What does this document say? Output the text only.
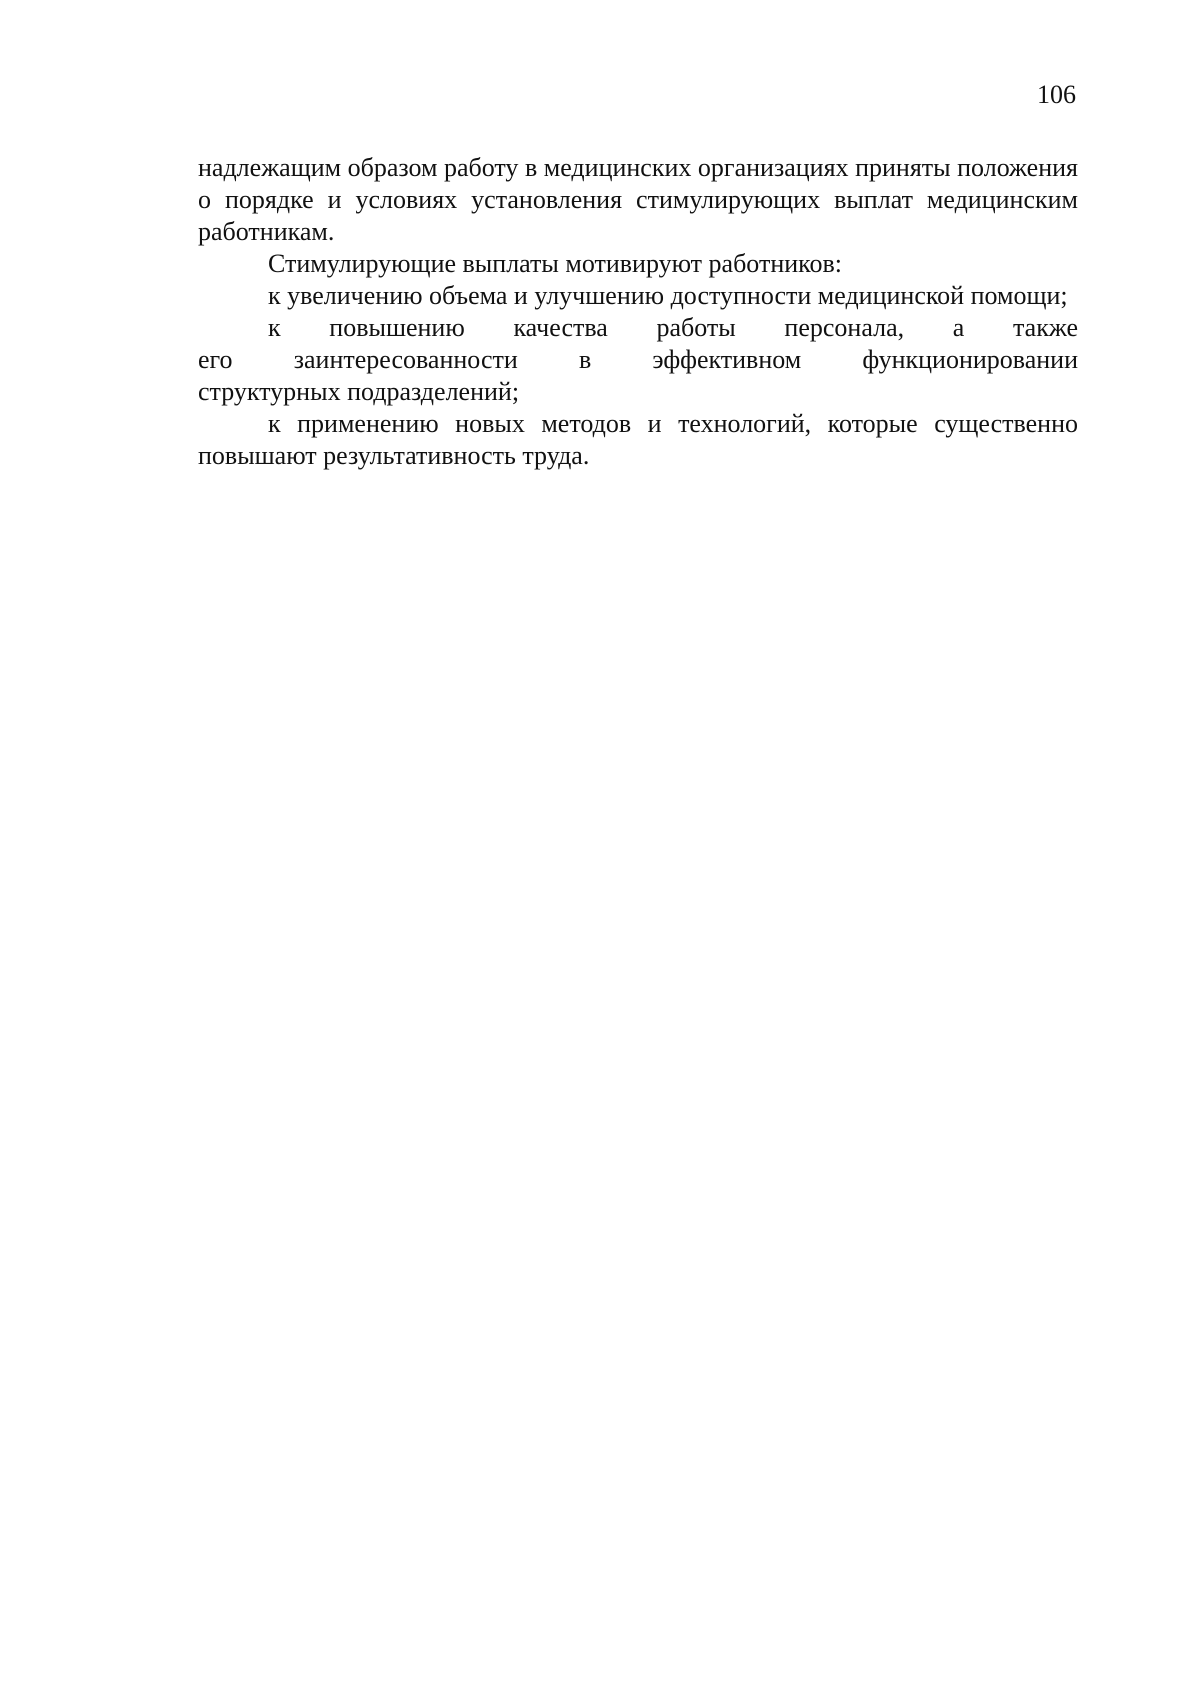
106

надлежащим образом работу в медицинских организациях приняты положения о порядке и условиях установления стимулирующих выплат медицинским работникам.

Стимулирующие выплаты мотивируют работников:

к увеличению объема и улучшению доступности медицинской помощи;

к повышению качества работы персонала, а также

его заинтересованности в эффективном функционировании

структурных подразделений;

к применению новых методов и технологий, которые существенно повышают результативность труда.
